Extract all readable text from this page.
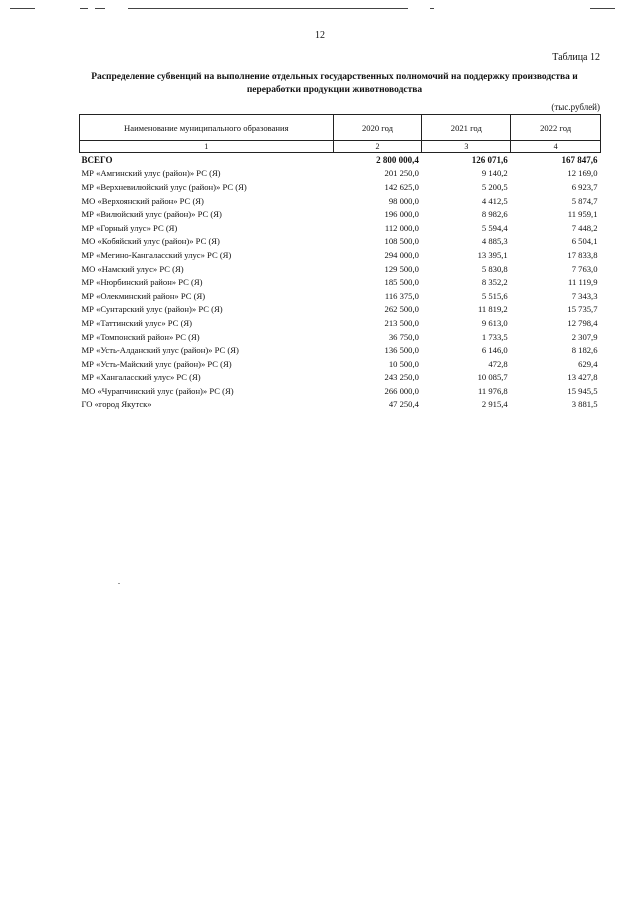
12
Таблица 12
Распределение субвенций на выполнение отдельных государственных полномочий на поддержку производства и
переработки продукции животноводства
(тыс.рублей)
Наименование муниципального образования	2020 год	2021 год	2022 год
1	2	3	4
ВСЕГО	2 800 000,4	126 071,6	167 847,6
МР «Амгинский улус (район)» РС (Я)	201 250,0	9 140,2	12 169,0
МР «Верхневилюйский улус (район)» РС (Я)	142 625,0	5 200,5	6 923,7
МО «Верхоянский район» РС (Я)	98 000,0	4 412,5	5 874,7
МР «Вилюйский улус (район)» РС (Я)	196 000,0	8 982,6	11 959,1
МР «Горный улус» РС (Я)	112 000,0	5 594,4	7 448,2
МО «Кобяйский улус (район)» РС (Я)	108 500,0	4 885,3	6 504,1
МР «Мегино-Кангаласский улус» РС (Я)	294 000,0	13 395,1	17 833,8
МО «Намский улус» РС (Я)	129 500,0	5 830,8	7 763,0
МР «Нюрбинский район» РС (Я)	185 500,0	8 352,2	11 119,9
МР «Олекминский район» РС (Я)	116 375,0	5 515,6	7 343,3
МР «Сунтарский улус (район)» РС (Я)	262 500,0	11 819,2	15 735,7
МР «Таттинский улус» РС (Я)	213 500,0	9 613,0	12 798,4
МР «Томпонский район» РС (Я)	36 750,0	1 733,5	2 307,9
МР «Усть-Алданский улус (район)» РС (Я)	136 500,0	6 146,0	8 182,6
МР «Усть-Майский улус (район)» РС (Я)	10 500,0	472,8	629,4
МР «Хангаласский улус» РС (Я)	243 250,0	10 085,7	13 427,8
МО «Чурапчинский улус (район)» РС (Я)	266 000,0	11 976,8	15 945,5
ГО «город Якутск»	47 250,4	2 915,4	3 881,5
